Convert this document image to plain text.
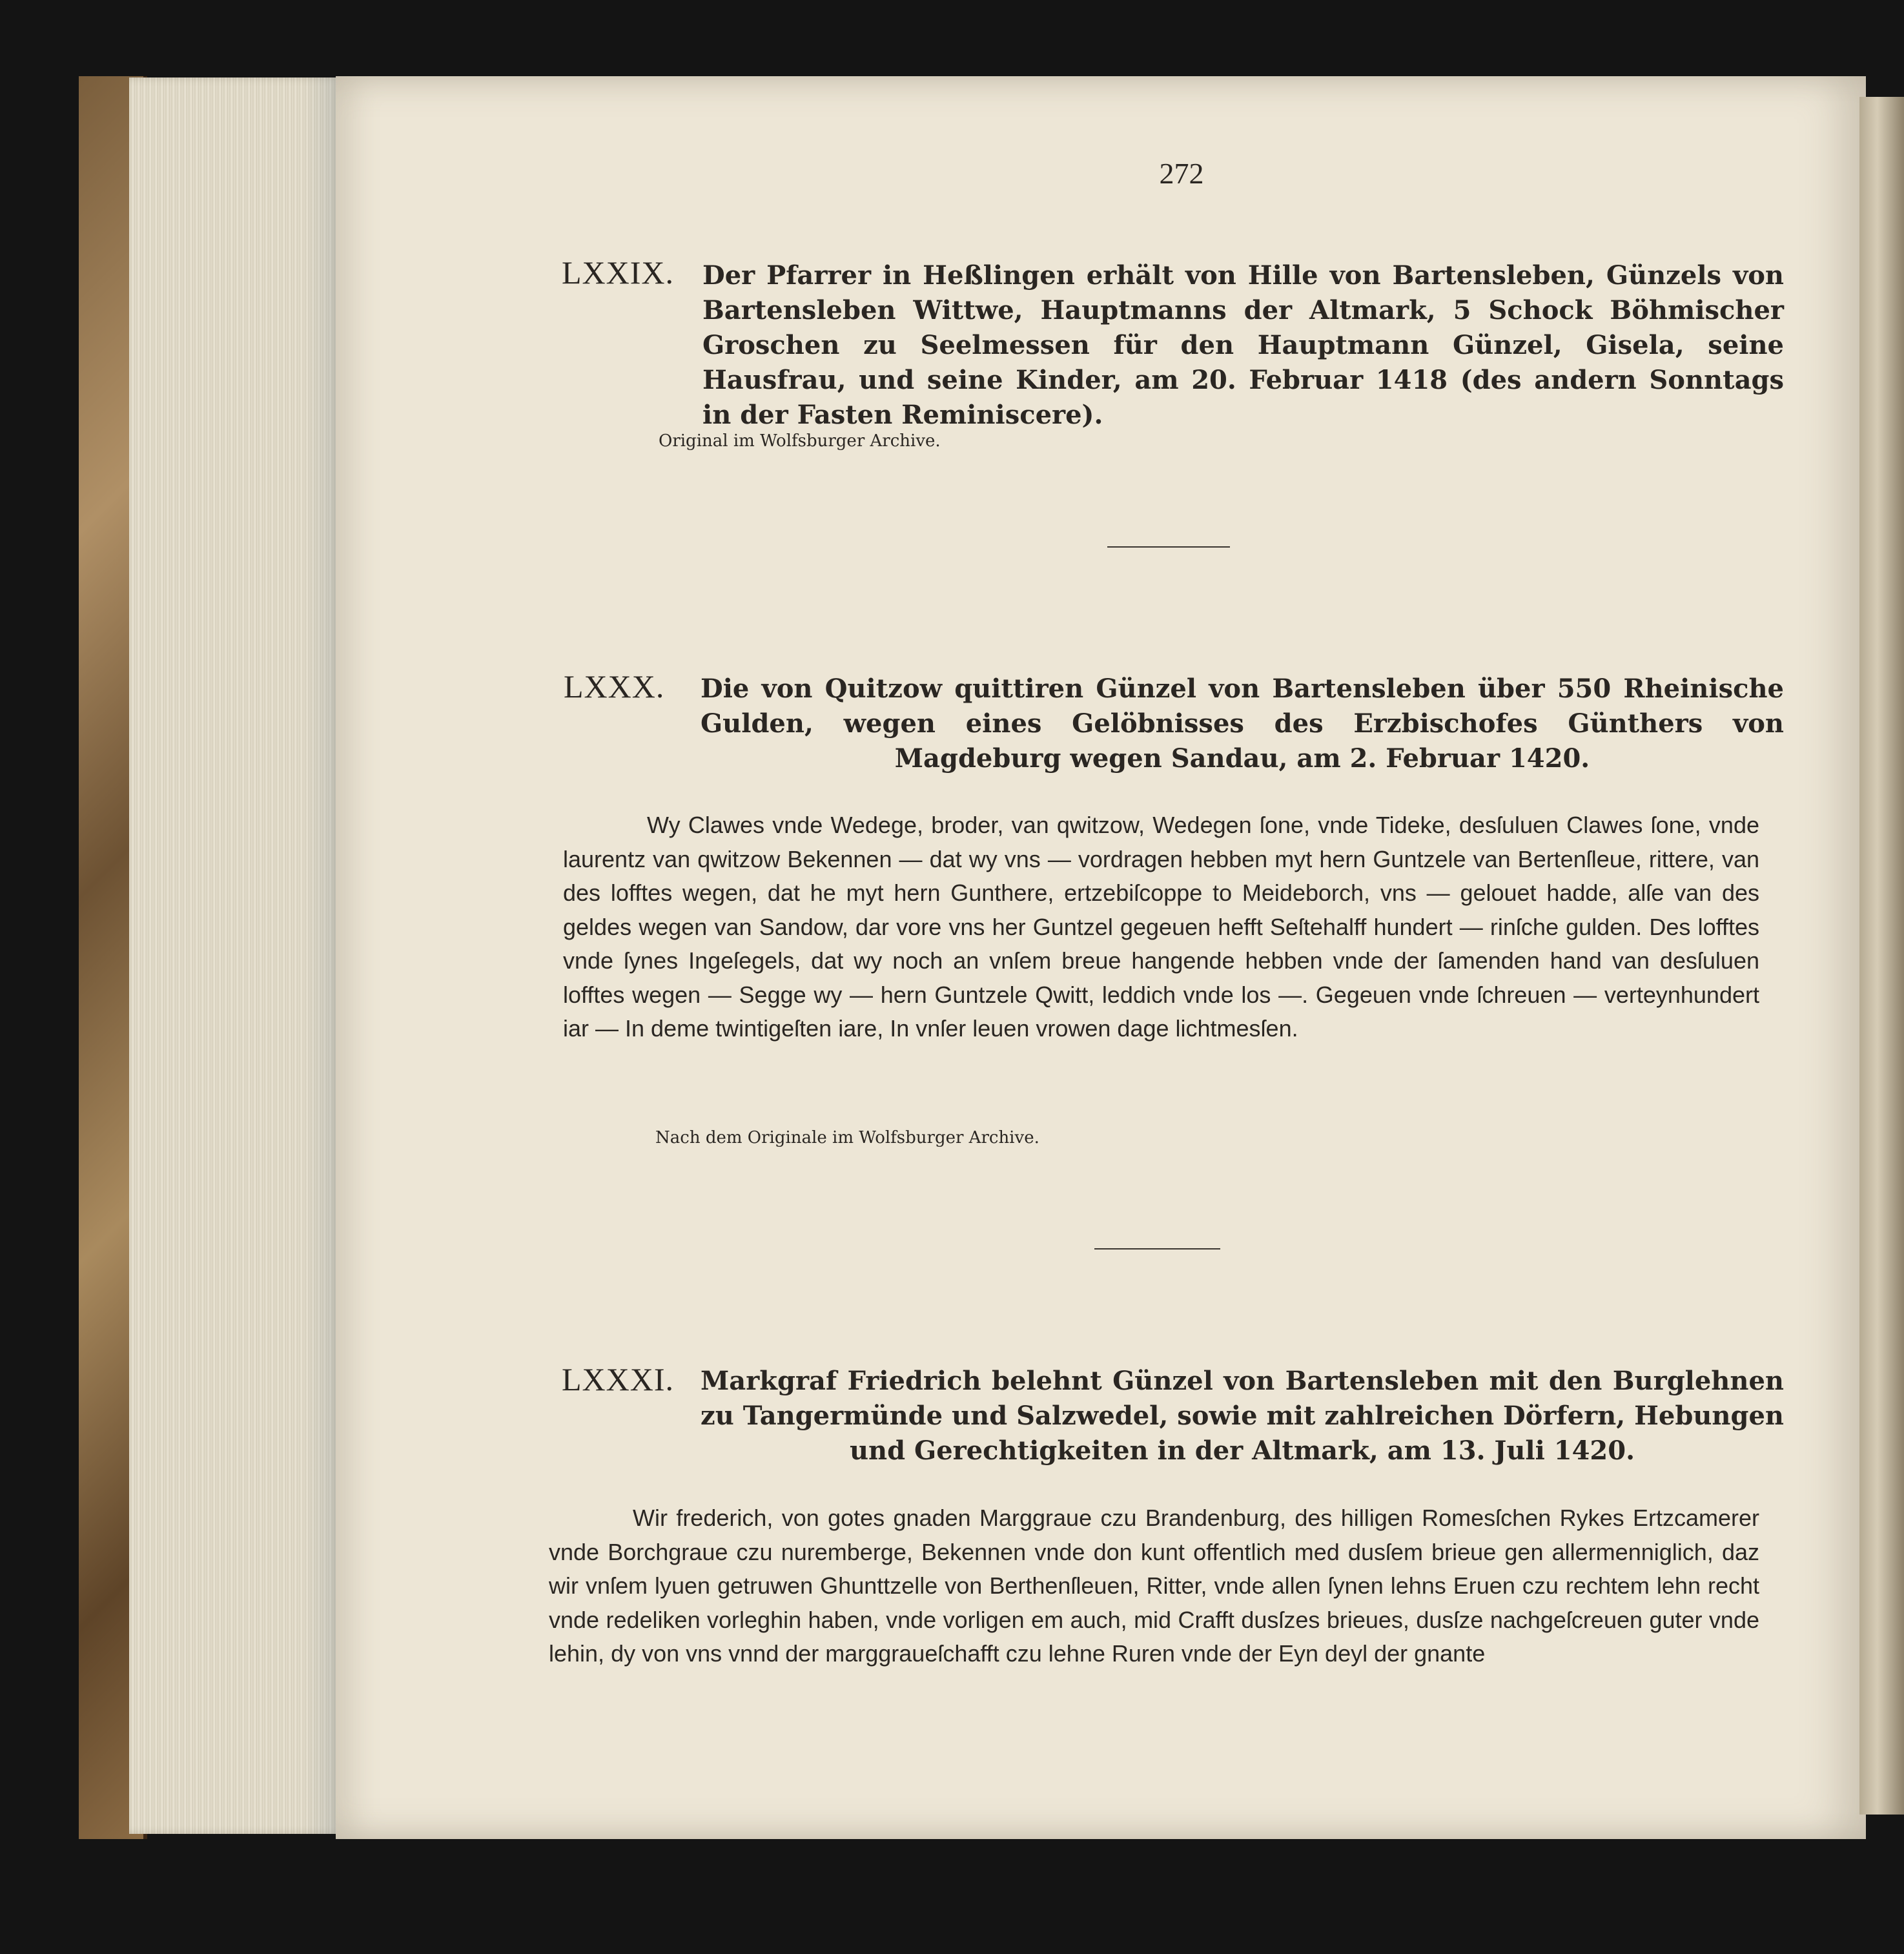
272
LXXIX. Der Pfarrer in Heßlingen erhält von Hille von Bartensleben, Günzels von Bartensleben Wittwe, Hauptmanns der Altmark, 5 Schock Böhmischer Groschen zu Seelmessen für den Hauptmann Günzel, Gisela, seine Hausfrau, und seine Kinder, am 20. Februar 1418 (des andern Sonntags in der Fasten Reminiscere).
Original im Wolfsburger Archive.
LXXX. Die von Quitzow quittiren Günzel von Bartensleben über 550 Rheinische Gulden, wegen eines Gelöbnisses des Erzbischofes Günthers von Magdeburg wegen Sandau, am 2. Februar 1420.
Wy Clawes vnde Wedege, broder, van qwitzow, Wedegen ſone, vnde Tideke, desſuluen Clawes ſone, vnde laurentz van qwitzow Bekennen — dat wy vns — vordragen hebben myt hern Guntzele van Bertenſleue, rittere, van des lofftes wegen, dat he myt hern Gunthere, ertzebiſcoppe to Meideborch, vns — gelouet hadde, alſe van des geldes wegen van Sandow, dar vore vns her Guntzel gegeuen hefft Seſtehalff hundert — rinſche gulden. Des lofftes vnde ſynes Ingeſegels, dat wy noch an vnſem breue hangende hebben vnde der ſamenden hand van desſuluen lofftes wegen — Segge wy — hern Guntzele Qwitt, leddich vnde los —. Gegeuen vnde ſchreuen — verteynhundert iar — In deme twintigeſten iare, In vnſer leuen vrowen dage lichtmesſen.
Nach dem Originale im Wolfsburger Archive.
LXXXI. Markgraf Friedrich belehnt Günzel von Bartensleben mit den Burglehnen zu Tangermünde und Salzwedel, sowie mit zahlreichen Dörfern, Hebungen und Gerechtigkeiten in der Altmark, am 13. Juli 1420.
Wir frederich, von gotes gnaden Marggraue czu Brandenburg, des hilligen Romesſchen Rykes Ertzcamerer vnde Borchgraue czu nuremberge, Bekennen vnde don kunt offentlich med dusſem brieue gen allermenniglich, daz wir vnſem lyuen getruwen Ghunttzelle von Berthenſleuen, Ritter, vnde allen ſynen lehns Eruen czu rechtem lehn recht vnde redeliken vorleghin haben, vnde vorligen em auch, mid Crafft dusſzes brieues, dusſze nachgeſcreuen guter vnde lehin, dy von vns vnnd der marggraueſchafft czu lehne Ruren vnde der Eyn deyl der gnante
